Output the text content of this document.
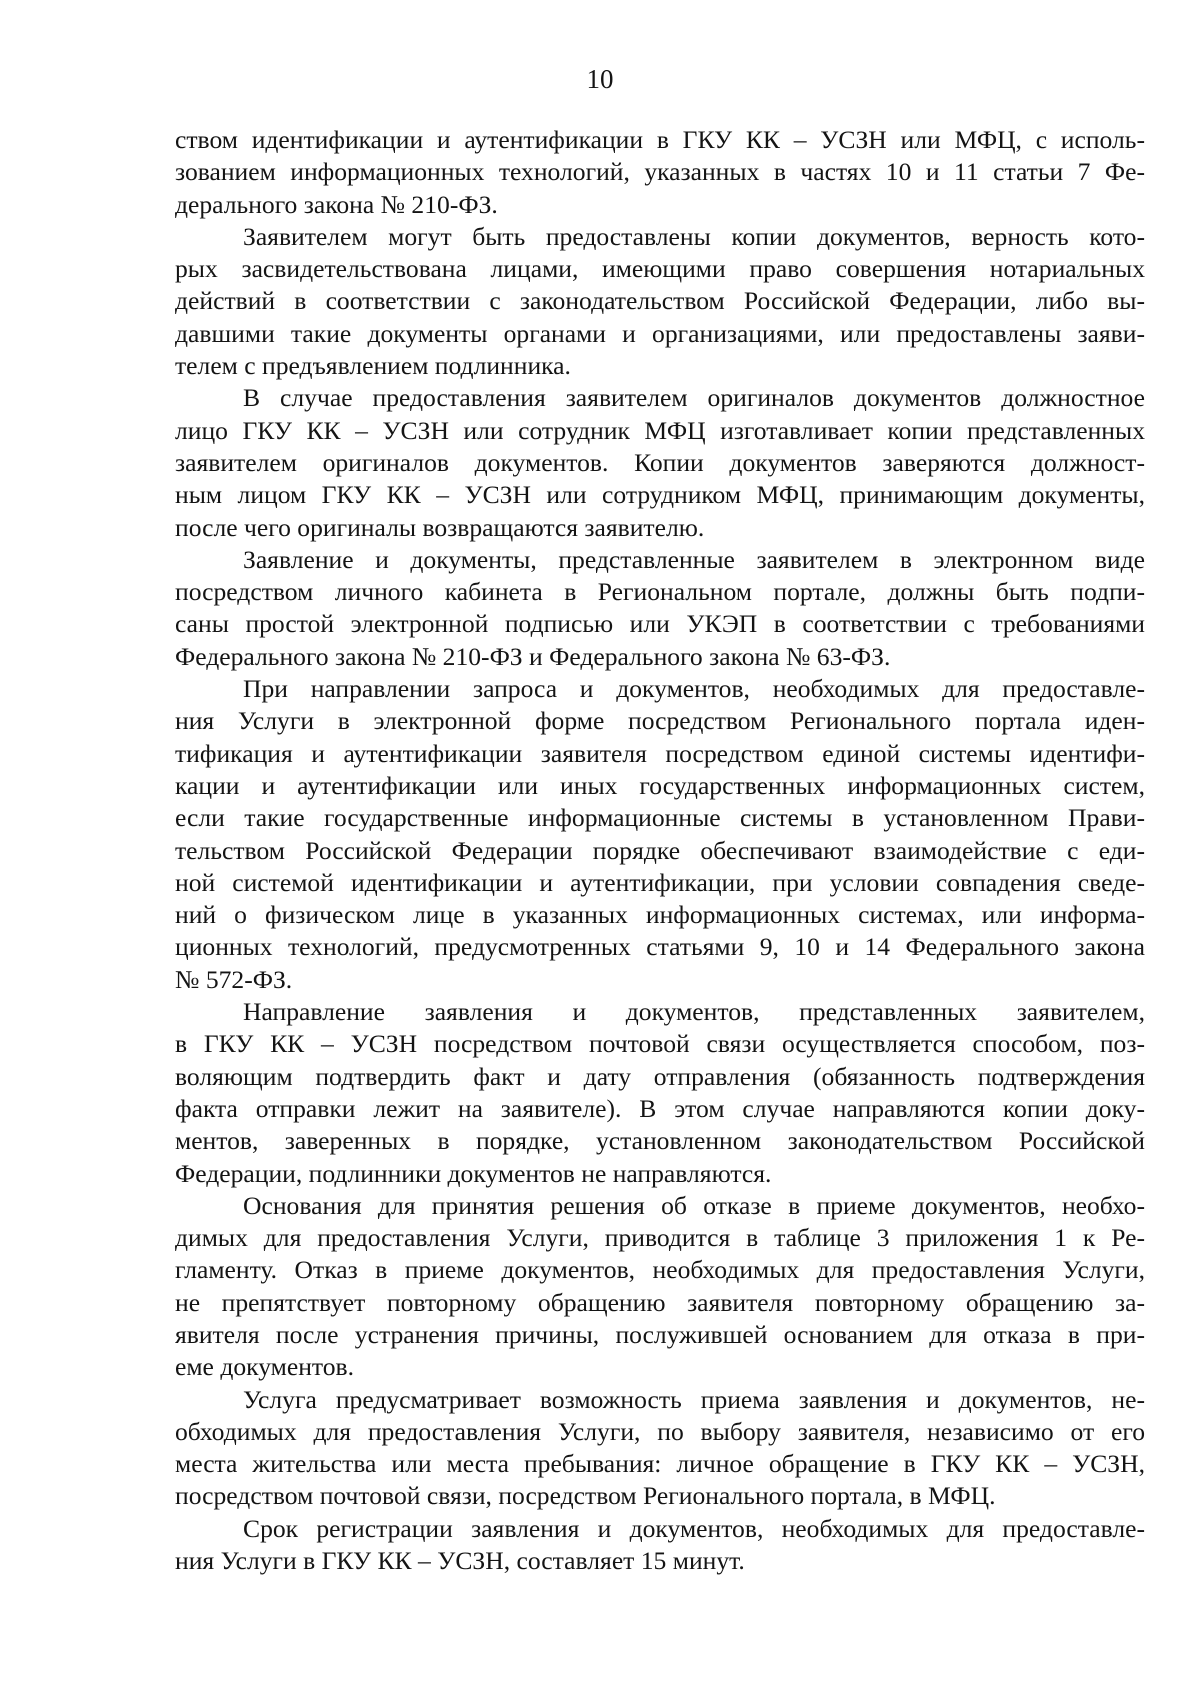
10
ством идентификации и аутентификации в ГКУ КК – УСЗН или МФЦ, с исполь-
зованием информационных технологий, указанных в частях 10 и 11 статьи 7 Фе-
дерального закона № 210-ФЗ.
Заявителем могут быть предоставлены копии документов, верность кото-
рых засвидетельствована лицами, имеющими право совершения нотариальных
действий в соответствии с законодательством Российской Федерации, либо вы-
давшими такие документы органами и организациями, или предоставлены заяви-
телем с предъявлением подлинника.
В случае предоставления заявителем оригиналов документов должностное
лицо ГКУ КК – УСЗН или сотрудник МФЦ изготавливает копии представленных
заявителем оригиналов документов. Копии документов заверяются должност-
ным лицом ГКУ КК – УСЗН или сотрудником МФЦ, принимающим документы,
после чего оригиналы возвращаются заявителю.
Заявление и документы, представленные заявителем в электронном виде
посредством личного кабинета в Региональном портале, должны быть подпи-
саны простой электронной подписью или УКЭП в соответствии с требованиями
Федерального закона № 210-ФЗ и Федерального закона № 63-ФЗ.
При направлении запроса и документов, необходимых для предоставле-
ния Услуги в электронной форме посредством Регионального портала иден-
тификация и аутентификации заявителя посредством единой системы идентифи-
кации и аутентификации или иных государственных информационных систем,
если такие государственные информационные системы в установленном Прави-
тельством Российской Федерации порядке обеспечивают взаимодействие с еди-
ной системой идентификации и аутентификации, при условии совпадения сведе-
ний о физическом лице в указанных информационных системах, или информа-
ционных технологий, предусмотренных статьями 9, 10 и 14 Федерального закона
№ 572-ФЗ.
Направление заявления и документов, представленных заявителем,
в ГКУ КК – УСЗН посредством почтовой связи осуществляется способом, поз-
воляющим подтвердить факт и дату отправления (обязанность подтверждения
факта отправки лежит на заявителе). В этом случае направляются копии доку-
ментов, заверенных в порядке, установленном законодательством Российской
Федерации, подлинники документов не направляются.
Основания для принятия решения об отказе в приеме документов, необхо-
димых для предоставления Услуги, приводится в таблице 3 приложения 1 к Ре-
гламенту. Отказ в приеме документов, необходимых для предоставления Услуги,
не препятствует повторному обращению заявителя повторному обращению за-
явителя после устранения причины, послужившей основанием для отказа в при-
еме документов.
Услуга предусматривает возможность приема заявления и документов, не-
обходимых для предоставления Услуги, по выбору заявителя, независимо от его
места жительства или места пребывания: личное обращение в ГКУ КК – УСЗН,
посредством почтовой связи, посредством Регионального портала, в МФЦ.
Срок регистрации заявления и документов, необходимых для предоставле-
ния Услуги в ГКУ КК – УСЗН, составляет 15 минут.
